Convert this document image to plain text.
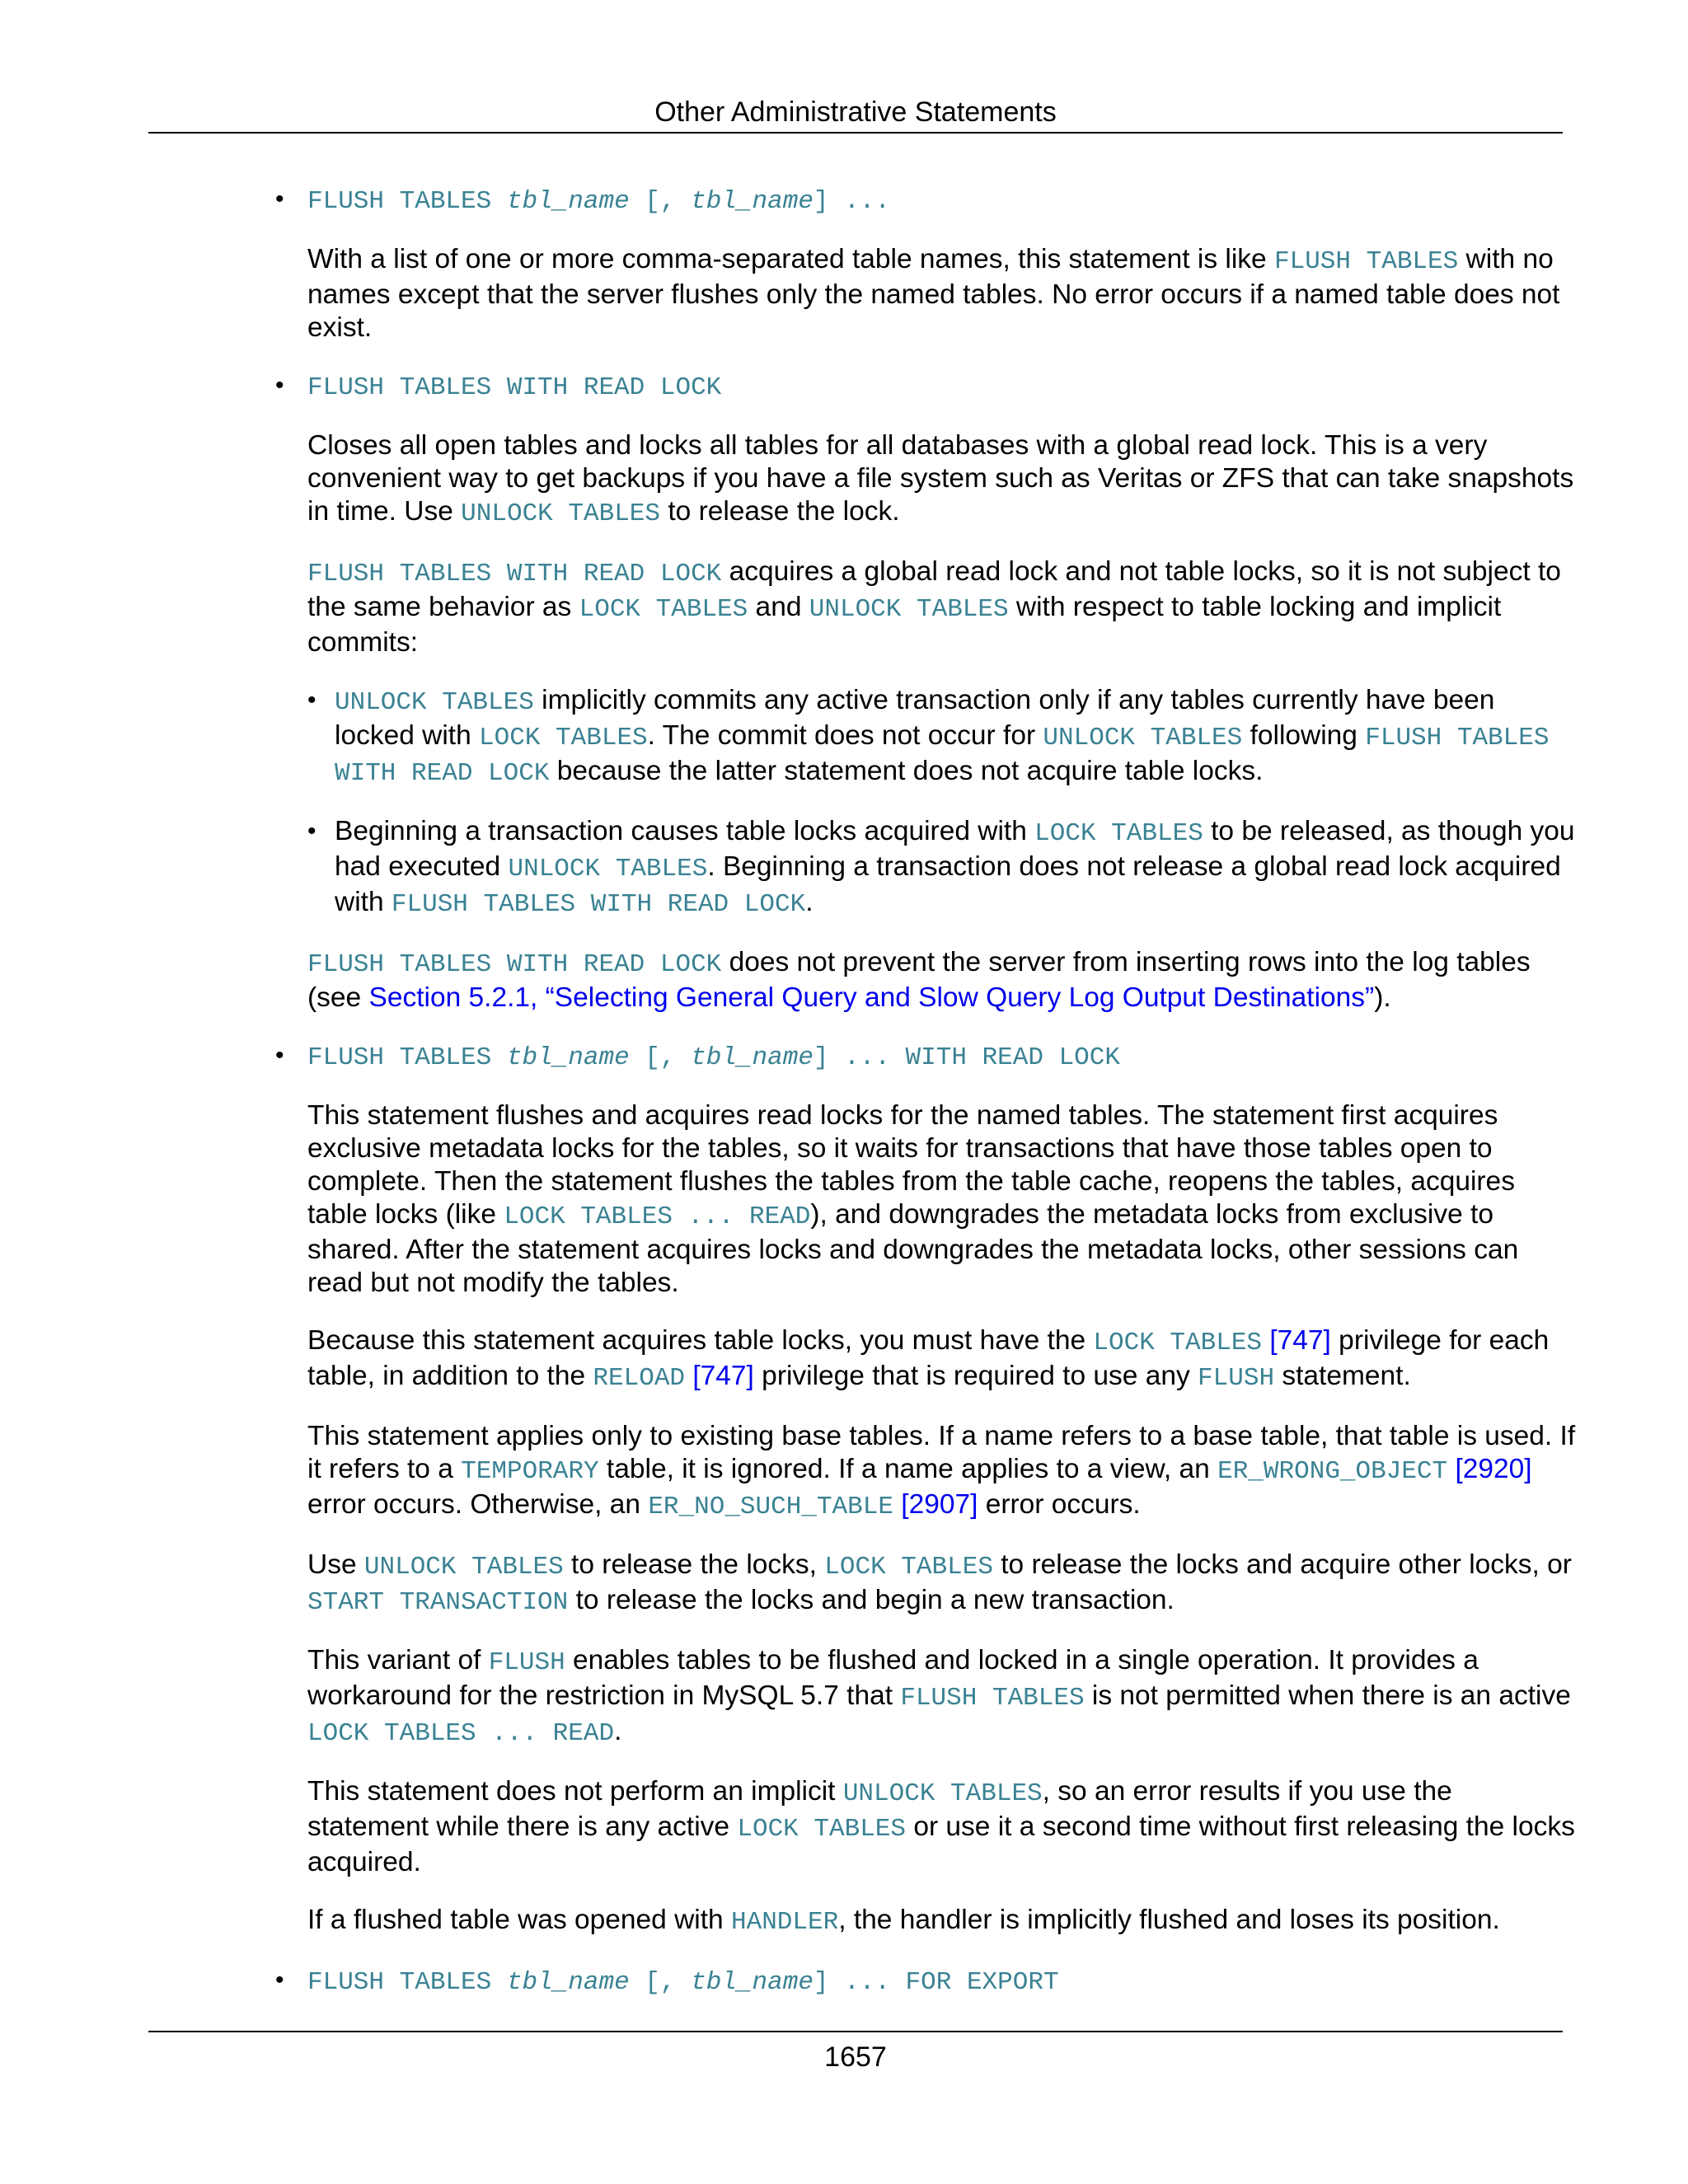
Other Administrative Statements
• FLUSH TABLES tbl_name [, tbl_name] ...
With a list of one or more comma-separated table names, this statement is like FLUSH TABLES with no names except that the server flushes only the named tables. No error occurs if a named table does not exist.
• FLUSH TABLES WITH READ LOCK
Closes all open tables and locks all tables for all databases with a global read lock. This is a very convenient way to get backups if you have a file system such as Veritas or ZFS that can take snapshots in time. Use UNLOCK TABLES to release the lock.
FLUSH TABLES WITH READ LOCK acquires a global read lock and not table locks, so it is not subject to the same behavior as LOCK TABLES and UNLOCK TABLES with respect to table locking and implicit commits:
• UNLOCK TABLES implicitly commits any active transaction only if any tables currently have been locked with LOCK TABLES. The commit does not occur for UNLOCK TABLES following FLUSH TABLES WITH READ LOCK because the latter statement does not acquire table locks.
• Beginning a transaction causes table locks acquired with LOCK TABLES to be released, as though you had executed UNLOCK TABLES. Beginning a transaction does not release a global read lock acquired with FLUSH TABLES WITH READ LOCK.
FLUSH TABLES WITH READ LOCK does not prevent the server from inserting rows into the log tables (see Section 5.2.1, “Selecting General Query and Slow Query Log Output Destinations”).
• FLUSH TABLES tbl_name [, tbl_name] ... WITH READ LOCK
This statement flushes and acquires read locks for the named tables. The statement first acquires exclusive metadata locks for the tables, so it waits for transactions that have those tables open to complete. Then the statement flushes the tables from the table cache, reopens the tables, acquires table locks (like LOCK TABLES ... READ), and downgrades the metadata locks from exclusive to shared. After the statement acquires locks and downgrades the metadata locks, other sessions can read but not modify the tables.
Because this statement acquires table locks, you must have the LOCK TABLES [747] privilege for each table, in addition to the RELOAD [747] privilege that is required to use any FLUSH statement.
This statement applies only to existing base tables. If a name refers to a base table, that table is used. If it refers to a TEMPORARY table, it is ignored. If a name applies to a view, an ER_WRONG_OBJECT [2920] error occurs. Otherwise, an ER_NO_SUCH_TABLE [2907] error occurs.
Use UNLOCK TABLES to release the locks, LOCK TABLES to release the locks and acquire other locks, or START TRANSACTION to release the locks and begin a new transaction.
This variant of FLUSH enables tables to be flushed and locked in a single operation. It provides a workaround for the restriction in MySQL 5.7 that FLUSH TABLES is not permitted when there is an active LOCK TABLES ... READ.
This statement does not perform an implicit UNLOCK TABLES, so an error results if you use the statement while there is any active LOCK TABLES or use it a second time without first releasing the locks acquired.
If a flushed table was opened with HANDLER, the handler is implicitly flushed and loses its position.
• FLUSH TABLES tbl_name [, tbl_name] ... FOR EXPORT
1657
